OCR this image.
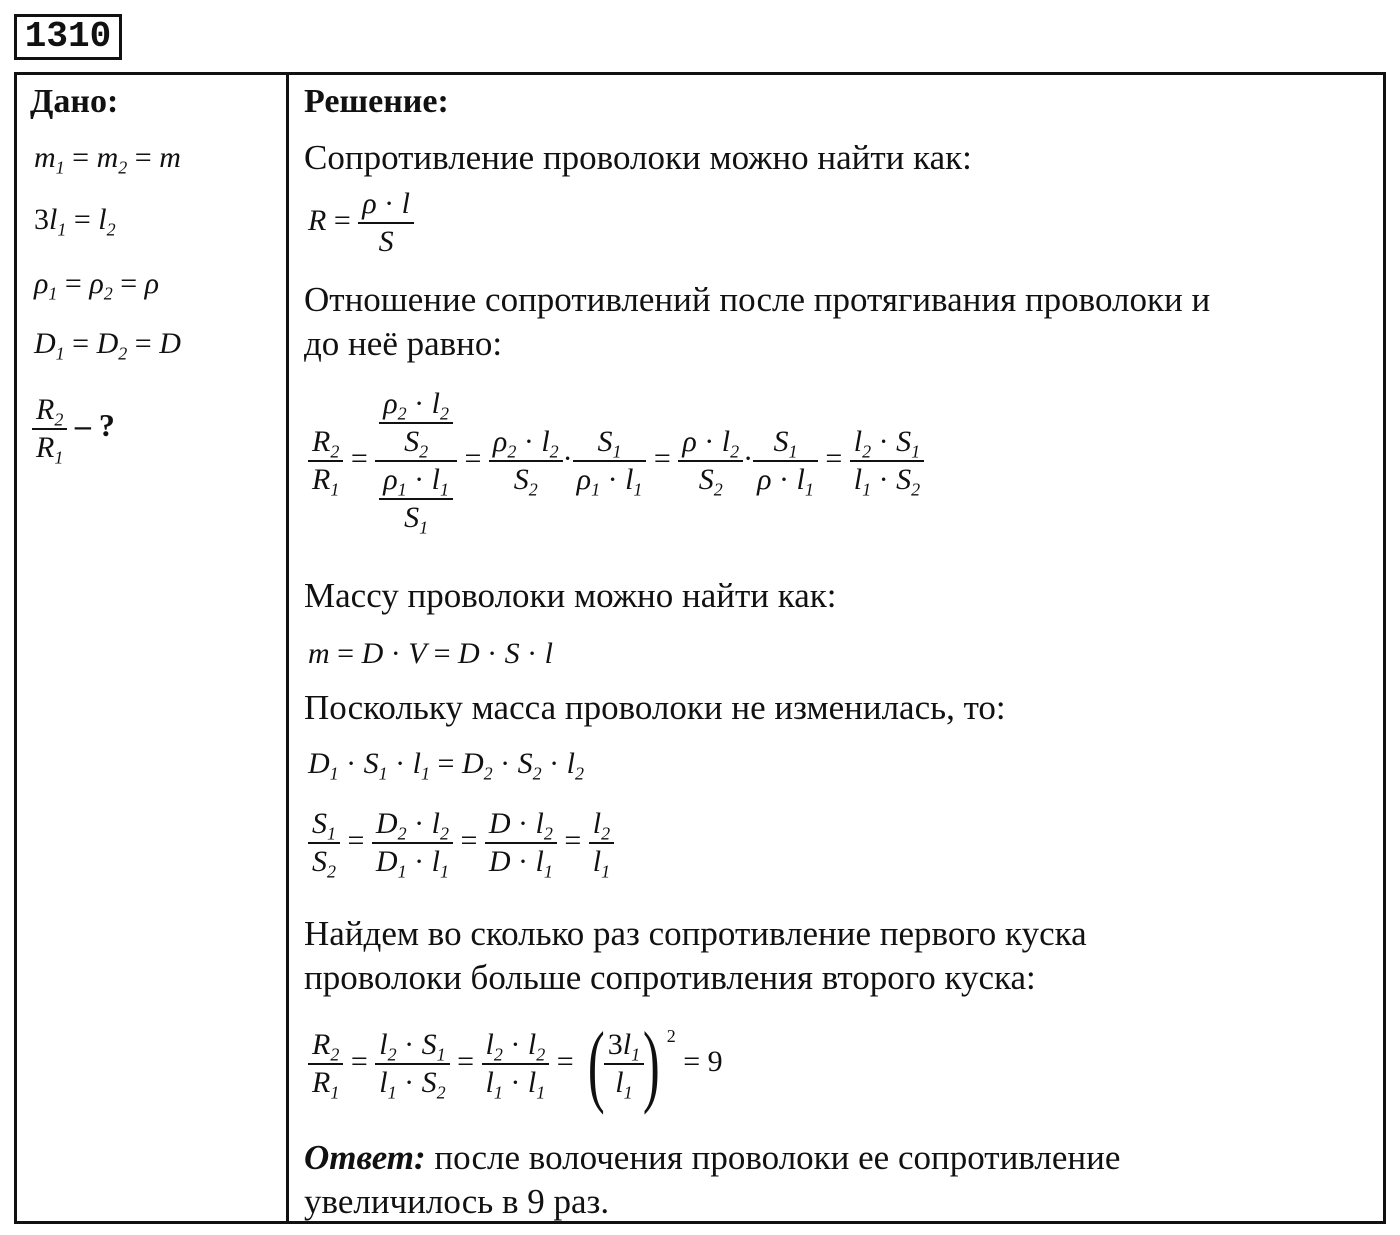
1310
Дано:
$m_1 = m_2 = m$
$3l_1 = l_2$
$\rho_1 = \rho_2 = \rho$
$D_1 = D_2 = D$
$\frac{R_2}{R_1}$ – ?
Решение:
Сопротивление проволоки можно найти как:
$R = \frac{\rho \cdot l}{S}$
Отношение сопротивлений после протягивания проволоки и
до неё равно:
$\frac{R_2}{R_1} = \frac{\frac{\rho_2 \cdot l_2}{S_2}}{\frac{\rho_1 \cdot l_1}{S_1}} = \frac{\rho_2 \cdot l_2}{S_2} \cdot \frac{S_1}{\rho_1 \cdot l_1} = \frac{\rho \cdot l_2}{S_2} \cdot \frac{S_1}{\rho \cdot l_1} = \frac{l_2 \cdot S_1}{l_1 \cdot S_2}$
Массу проволоки можно найти как:
m = D · V = D · S · l
Поскольку масса проволоки не изменилась, то:
$D_1 \cdot S_1 \cdot l_1 = D_2 \cdot S_2 \cdot l_2$
$\frac{S_1}{S_2} = \frac{D_2 \cdot l_2}{D_1 \cdot l_1} = \frac{D \cdot l_2}{D \cdot l_1} = \frac{l_2}{l_1}$
Найдем во сколько раз сопротивление первого куска
проволоки больше сопротивления второго куска:
$\frac{R_2}{R_1} = \frac{l_2 \cdot S_1}{l_1 \cdot S_2} = \frac{l_2 \cdot l_2}{l_1 \cdot l_1}$ = (
$\frac{3l_1}{l_1}$
) $^2$ = 9
Ответ: после волочения проволоки ее сопротивление
увеличилось в 9 раз.
